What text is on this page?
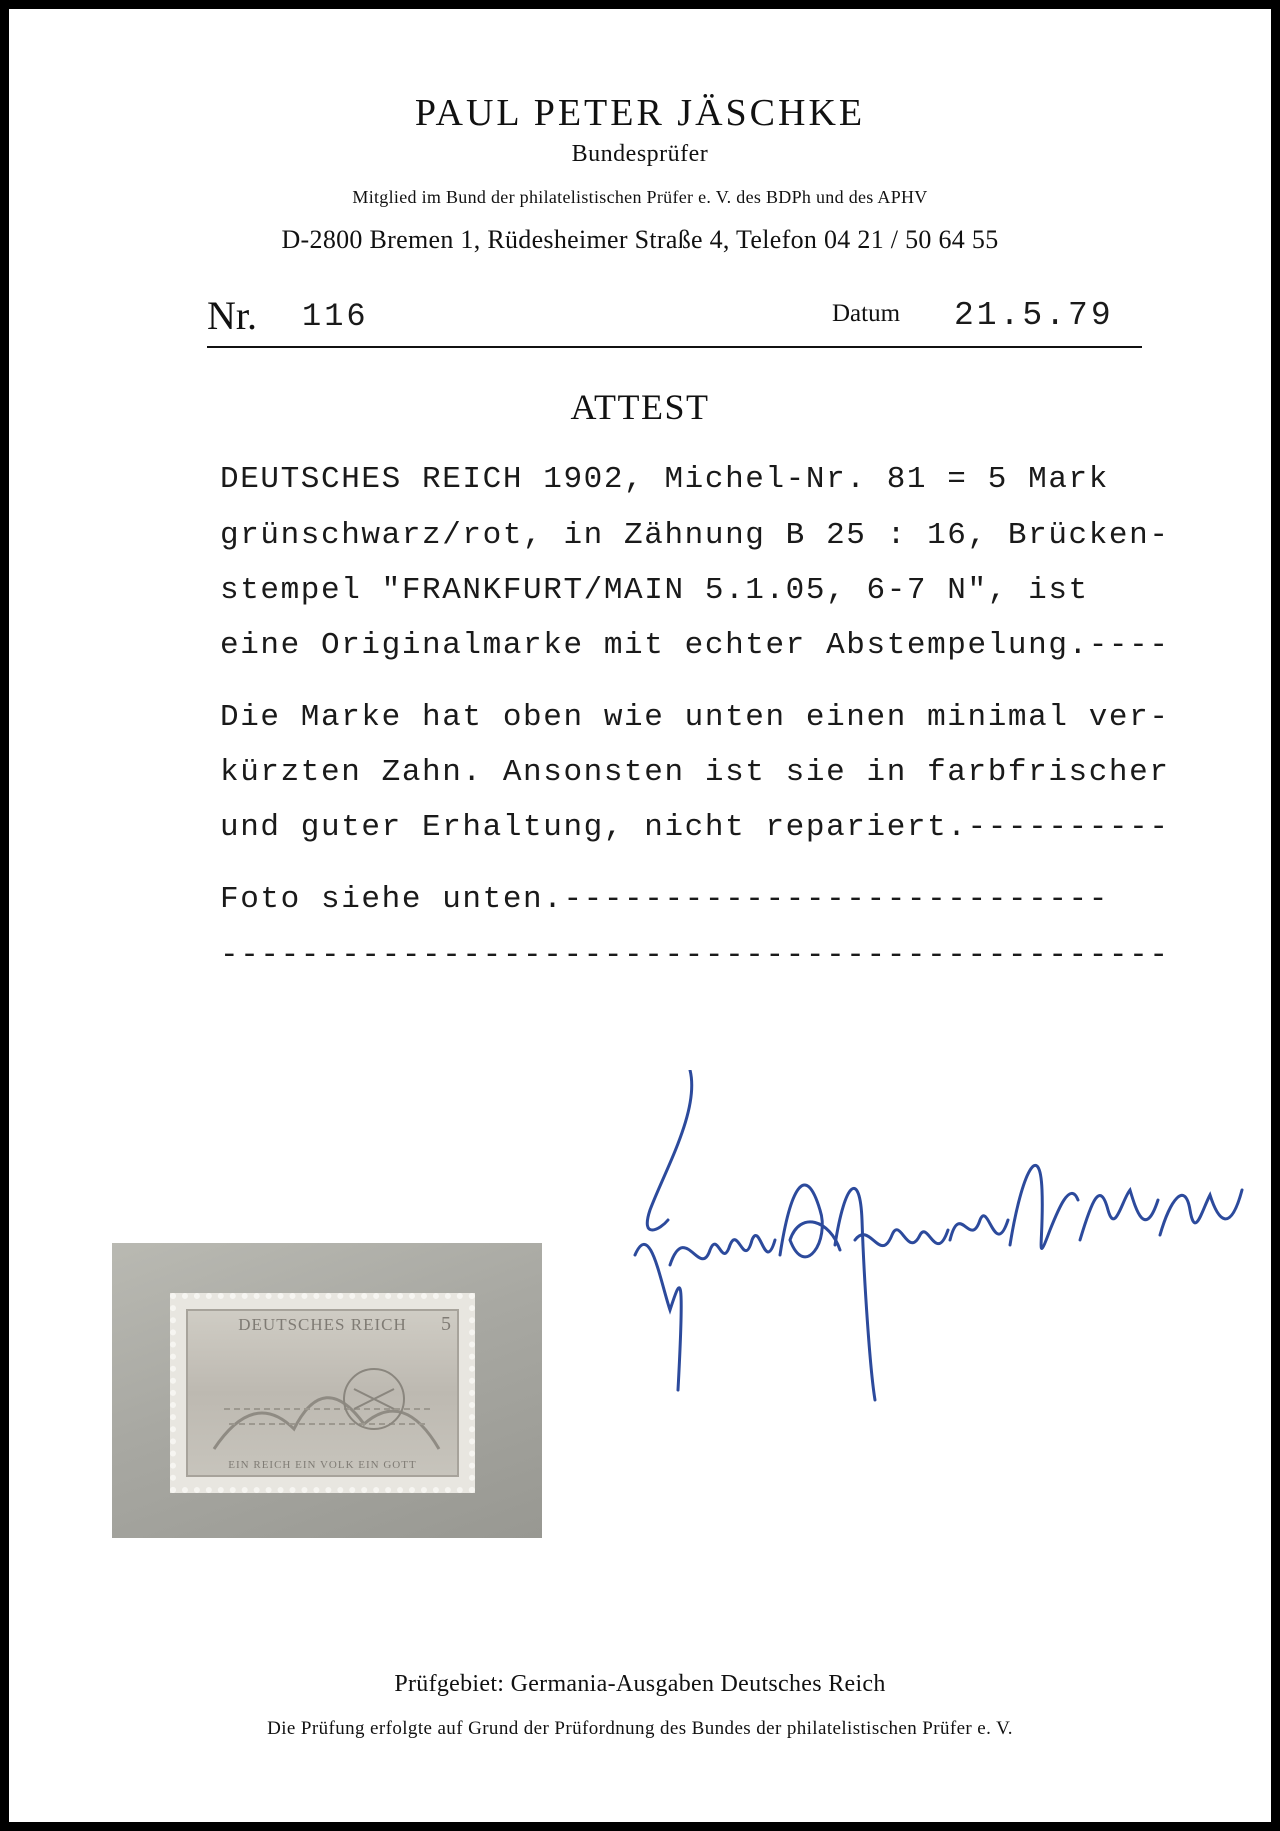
PAUL PETER JÄSCHKE
Bundesprüfer
Mitglied im Bund der philatelistischen Prüfer e. V. des BDPh und des APHV
D-2800 Bremen 1, Rüdesheimer Straße 4, Telefon 04 21 / 50 64 55
Nr. 116	Datum 21.5.79
ATTEST
DEUTSCHES REICH 1902, Michel-Nr. 81 = 5 Mark
grünschwarz/rot, in Zähnung B 25 : 16, Brücken-
stempel "FRANKFURT/MAIN 5.1.05, 6-7 N", ist
eine Originalmarke mit echter Abstempelung.----
Die Marke hat oben wie unten einen minimal ver-
kürzten Zahn. Ansonsten ist sie in farbfrischer
und guter Erhaltung, nicht repariert.----------
Foto siehe unten.---------------------------
-----------------------------------------------
DEUTSCHES REICH	5
EIN REICH EIN VOLK EIN GOTT
Prüfgebiet: Germania-Ausgaben Deutsches Reich
Die Prüfung erfolgte auf Grund der Prüfordnung des Bundes der philatelistischen Prüfer e. V.
